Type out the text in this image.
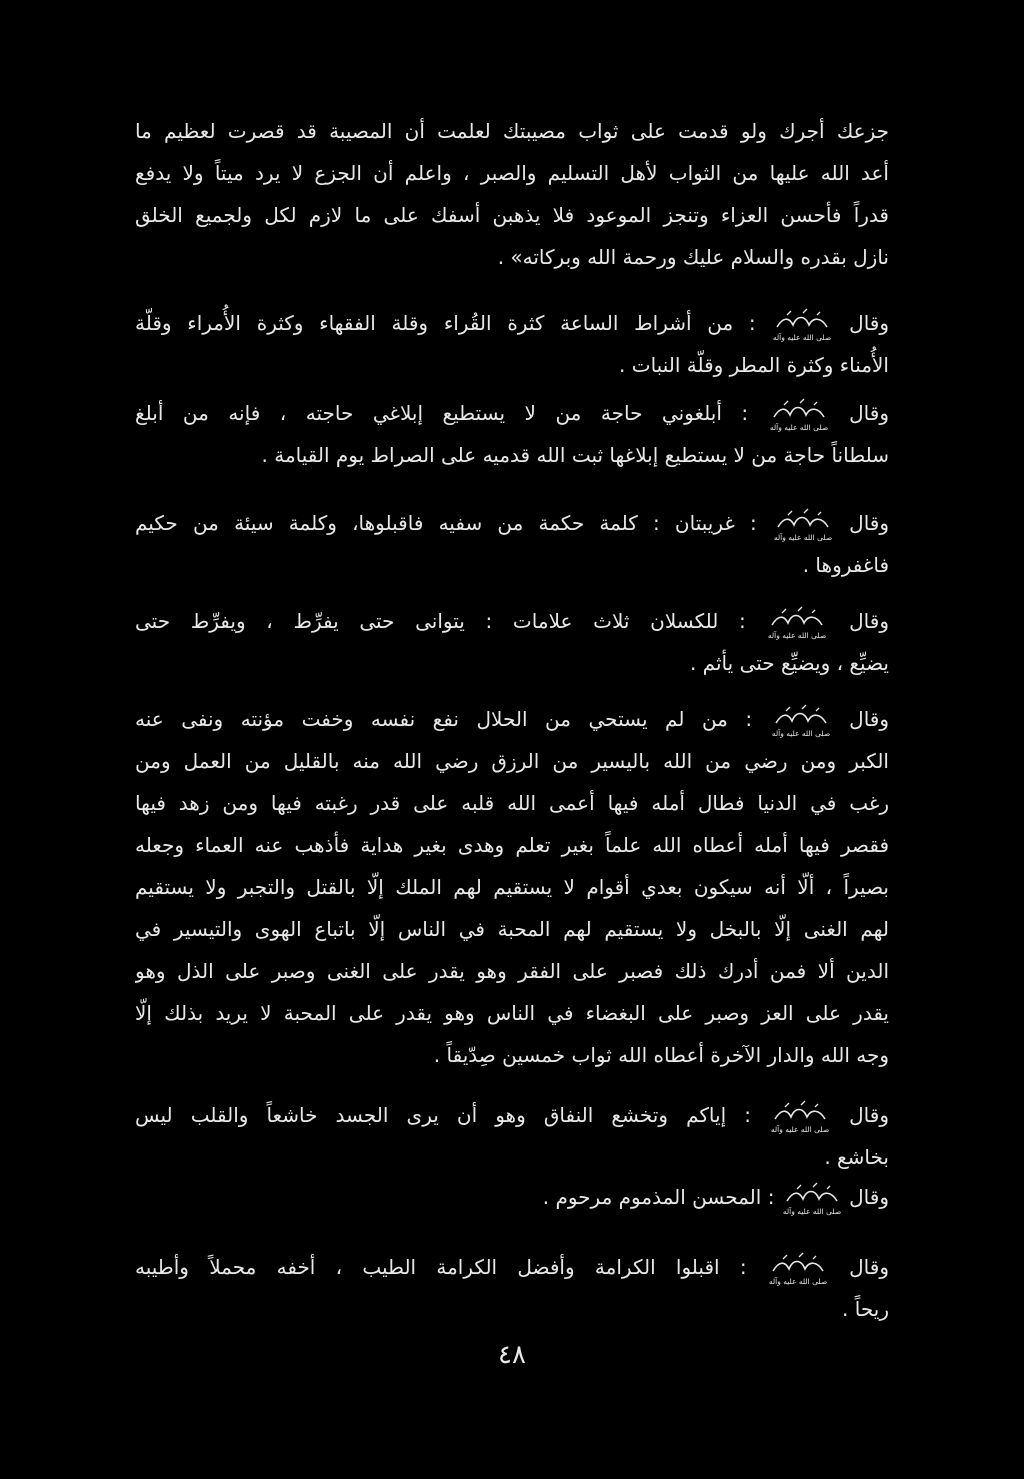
جزعك أجرك ولو قدمت على ثواب مصيبتك لعلمت أن المصيبة قد قصرت لعظيم ما
أعد الله عليها من الثواب لأهل التسليم والصبر ، واعلم أن الجزع لا يرد ميتاً ولا يدفع
قدراً فأحسن العزاء وتنجز الموعود فلا يذهبن أسفك على ما لازم لكل ولجميع الخلق
نازل بقدره والسلام عليك ورحمة الله وبركاته» .
وقال
صلى الله عليه وآله
: من أشراط الساعة كثرة القُراء وقلة الفقهاء وكثرة الأُمراء وقلّة
الأُمناء وكثرة المطر وقلّة النبات .
وقال
صلى الله عليه وآله
: أبلغوني حاجة من لا يستطيع إبلاغي حاجته ، فإنه من أبلغ
سلطاناً حاجة من لا يستطيع إبلاغها ثبت الله قدميه على الصراط يوم القيامة .
وقال
صلى الله عليه وآله
: غريبتان : كلمة حكمة من سفيه فاقبلوها، وكلمة سيئة من حكيم
فاغفروها .
وقال
صلى الله عليه وآله
: للكسلان ثلاث علامات : يتوانى حتى يفرِّط ، ويفرِّط حتى
يضيِّع ، ويضيِّع حتى يأثم .
وقال
صلى الله عليه وآله
: من لم يستحي من الحلال نفع نفسه وخفت مؤنته ونفى عنه
الكبر ومن رضي من الله باليسير من الرزق رضي الله منه بالقليل من العمل ومن
رغب في الدنيا فطال أمله فيها أعمى الله قلبه على قدر رغبته فيها ومن زهد فيها
فقصر فيها أمله أعطاه الله علماً بغير تعلم وهدى بغير هداية فأذهب عنه العماء وجعله
بصيراً ، ألّا أنه سيكون بعدي أقوام لا يستقيم لهم الملك إلّا بالقتل والتجبر ولا يستقيم
لهم الغنى إلّا بالبخل ولا يستقيم لهم المحبة في الناس إلّا باتباع الهوى والتيسير في
الدين ألا فمن أدرك ذلك فصبر على الفقر وهو يقدر على الغنى وصبر على الذل وهو
يقدر على العز وصبر على البغضاء في الناس وهو يقدر على المحبة لا يريد بذلك إلّا
وجه الله والدار الآخرة أعطاه الله ثواب خمسين صِدّيقاً .
وقال
صلى الله عليه وآله
: إياكم وتخشع النفاق وهو أن يرى الجسد خاشعاً والقلب ليس
بخاشع .
وقال
صلى الله عليه وآله
: المحسن المذموم مرحوم .
وقال
صلى الله عليه وآله
: اقبلوا الكرامة وأفضل الكرامة الطيب ، أخفه محملاً وأطيبه
ريحاً .
٤٨
